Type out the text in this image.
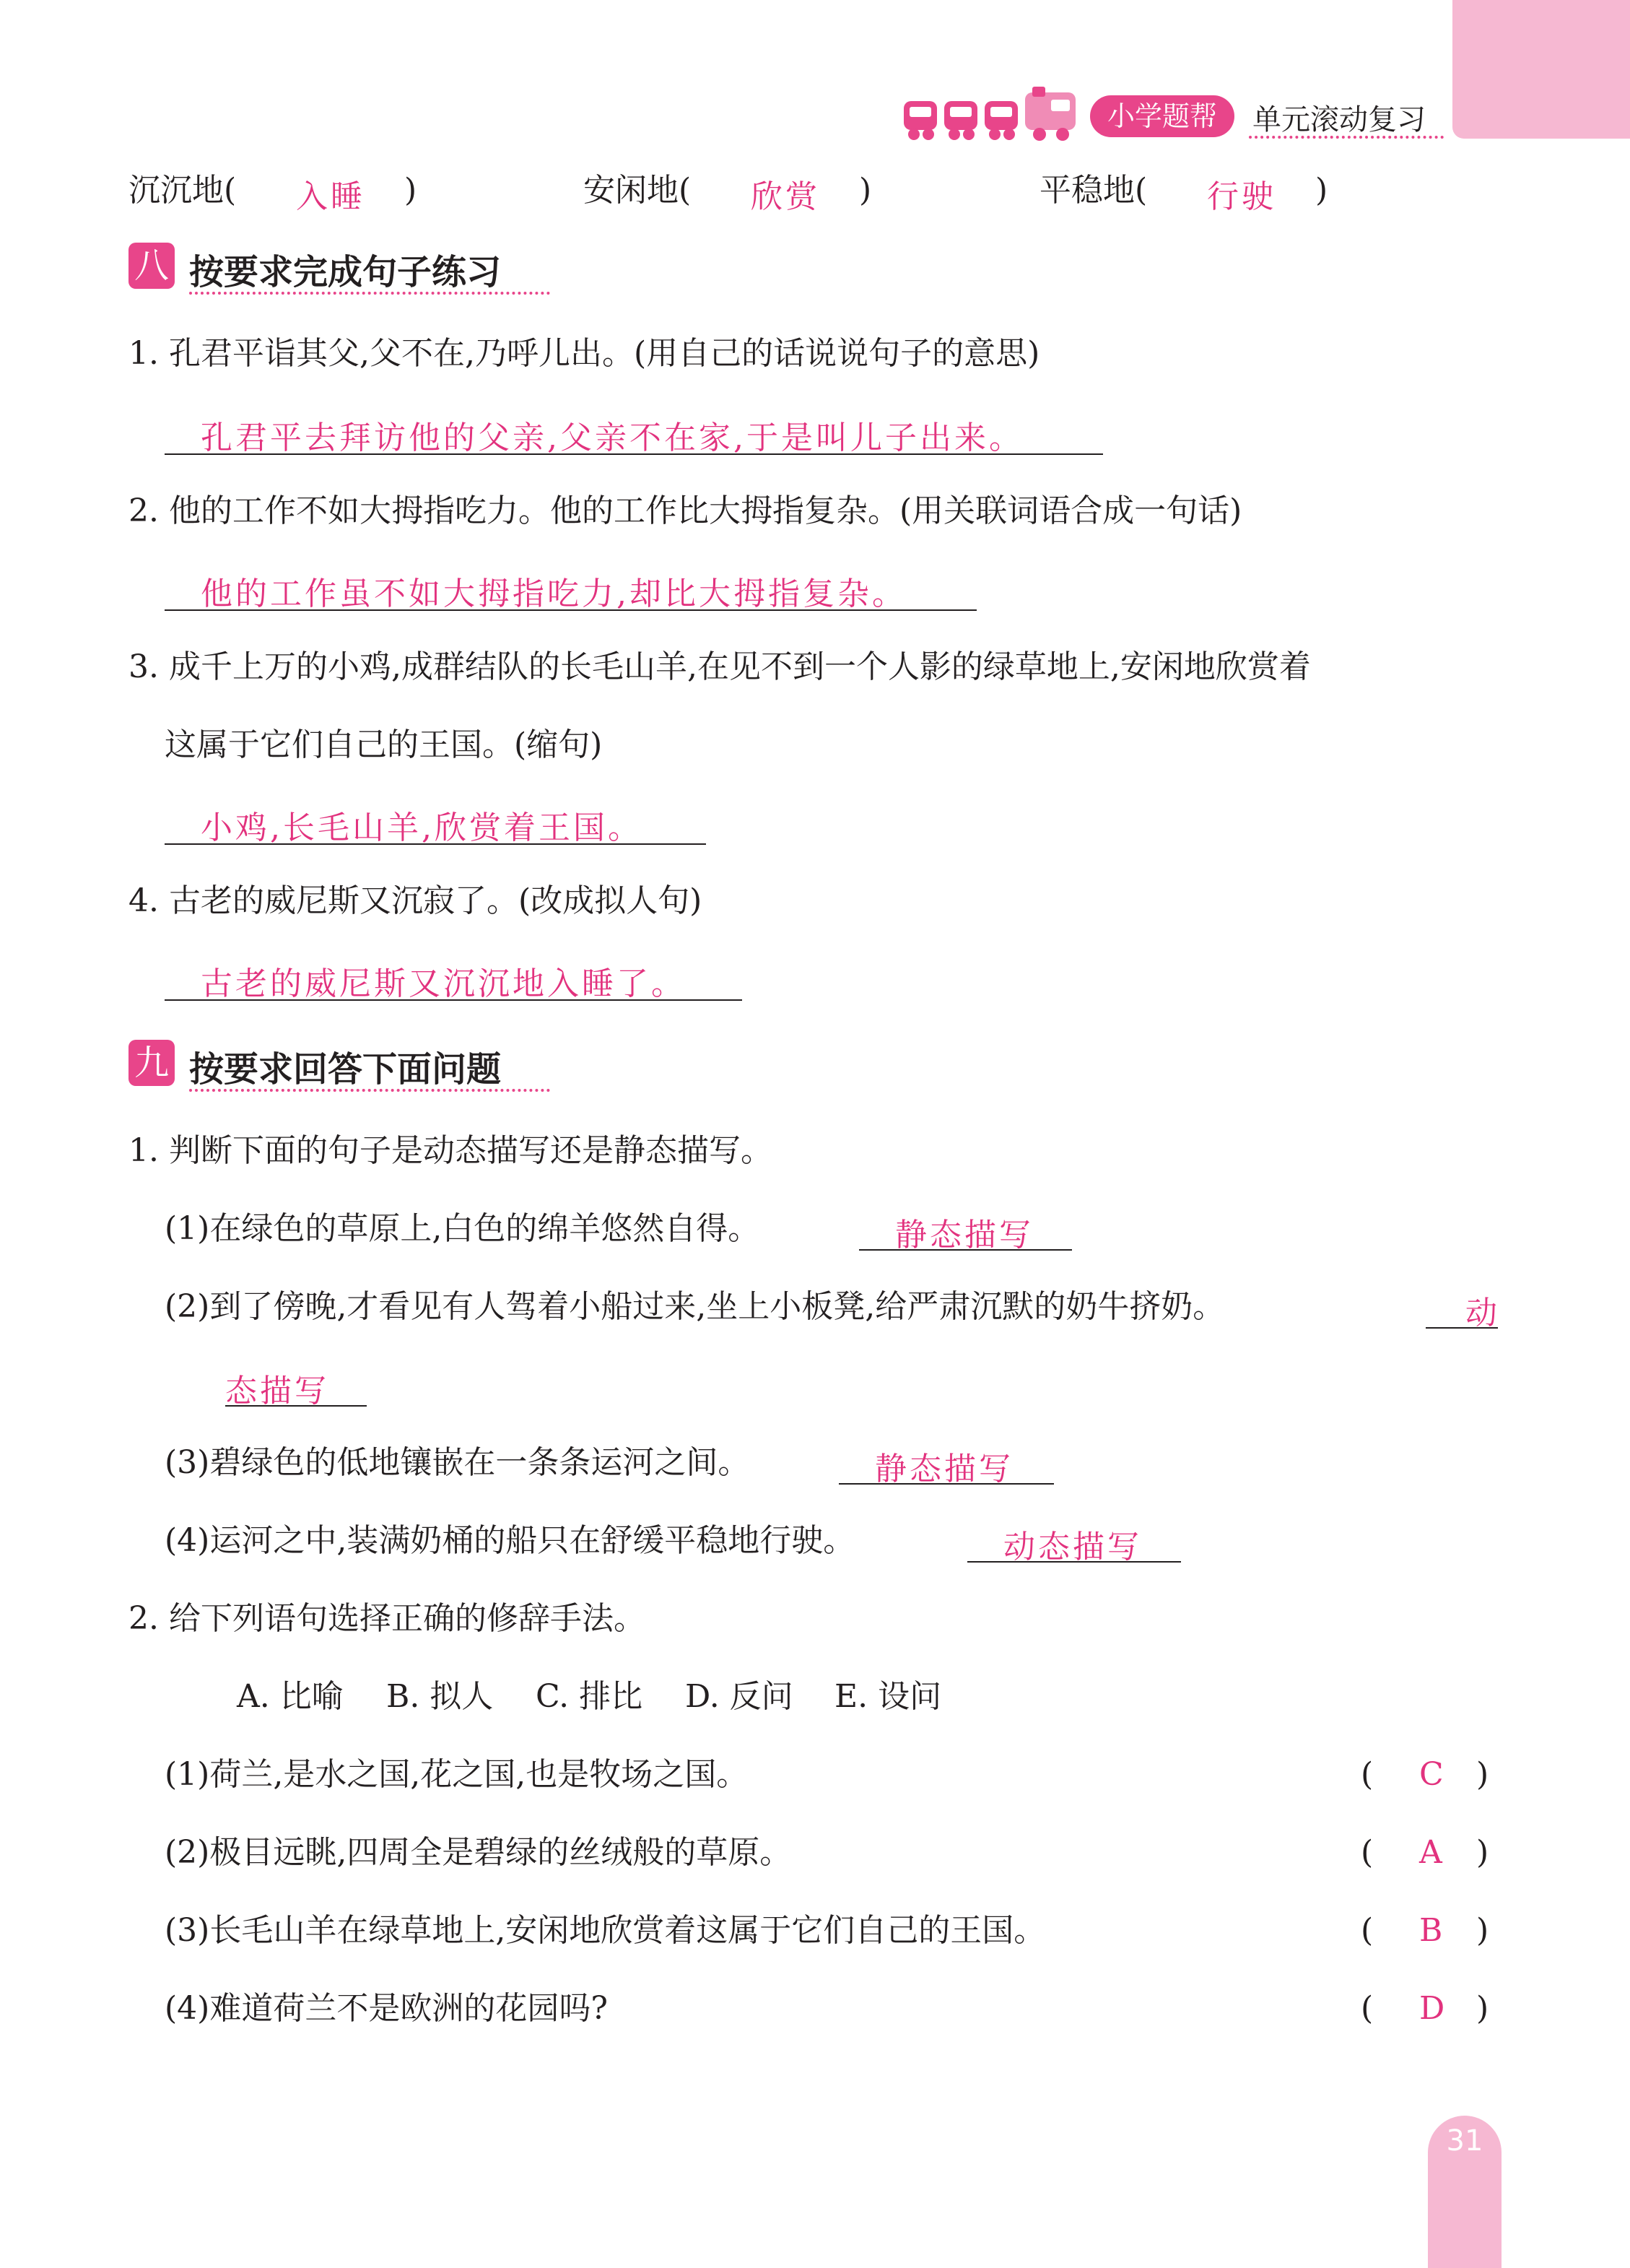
小学题帮	单元滚动复习
沉沉地( 入睡 )	安闲地( 欣赏 )	平稳地( 行驶 )
八 按要求完成句子练习
1. 孔君平诣其父,父不在,乃呼儿出。(用自己的话说说句子的意思)
孔君平去拜访他的父亲,父亲不在家,于是叫儿子出来。
2. 他的工作不如大拇指吃力。他的工作比大拇指复杂。(用关联词语合成一句话)
他的工作虽不如大拇指吃力,却比大拇指复杂。
3. 成千上万的小鸡,成群结队的长毛山羊,在见不到一个人影的绿草地上,安闲地欣赏着
这属于它们自己的王国。(缩句)
小鸡,长毛山羊,欣赏着王国。
4. 古老的威尼斯又沉寂了。(改成拟人句)
古老的威尼斯又沉沉地入睡了。
九 按要求回答下面问题
1. 判断下面的句子是动态描写还是静态描写。
(1)在绿色的草原上,白色的绵羊悠然自得。	静态描写
(2)到了傍晚,才看见有人驾着小船过来,坐上小板凳,给严肃沉默的奶牛挤奶。	动
态描写
(3)碧绿色的低地镶嵌在一条条运河之间。	静态描写
(4)运河之中,装满奶桶的船只在舒缓平稳地行驶。	动态描写
2. 给下列语句选择正确的修辞手法。
A. 比喻 B. 拟人 C. 排比 D. 反问 E. 设问
(1)荷兰,是水之国,花之国,也是牧场之国。	( C )
(2)极目远眺,四周全是碧绿的丝绒般的草原。	( A )
(3)长毛山羊在绿草地上,安闲地欣赏着这属于它们自己的王国。	( B )
(4)难道荷兰不是欧洲的花园吗?	( D )
31
